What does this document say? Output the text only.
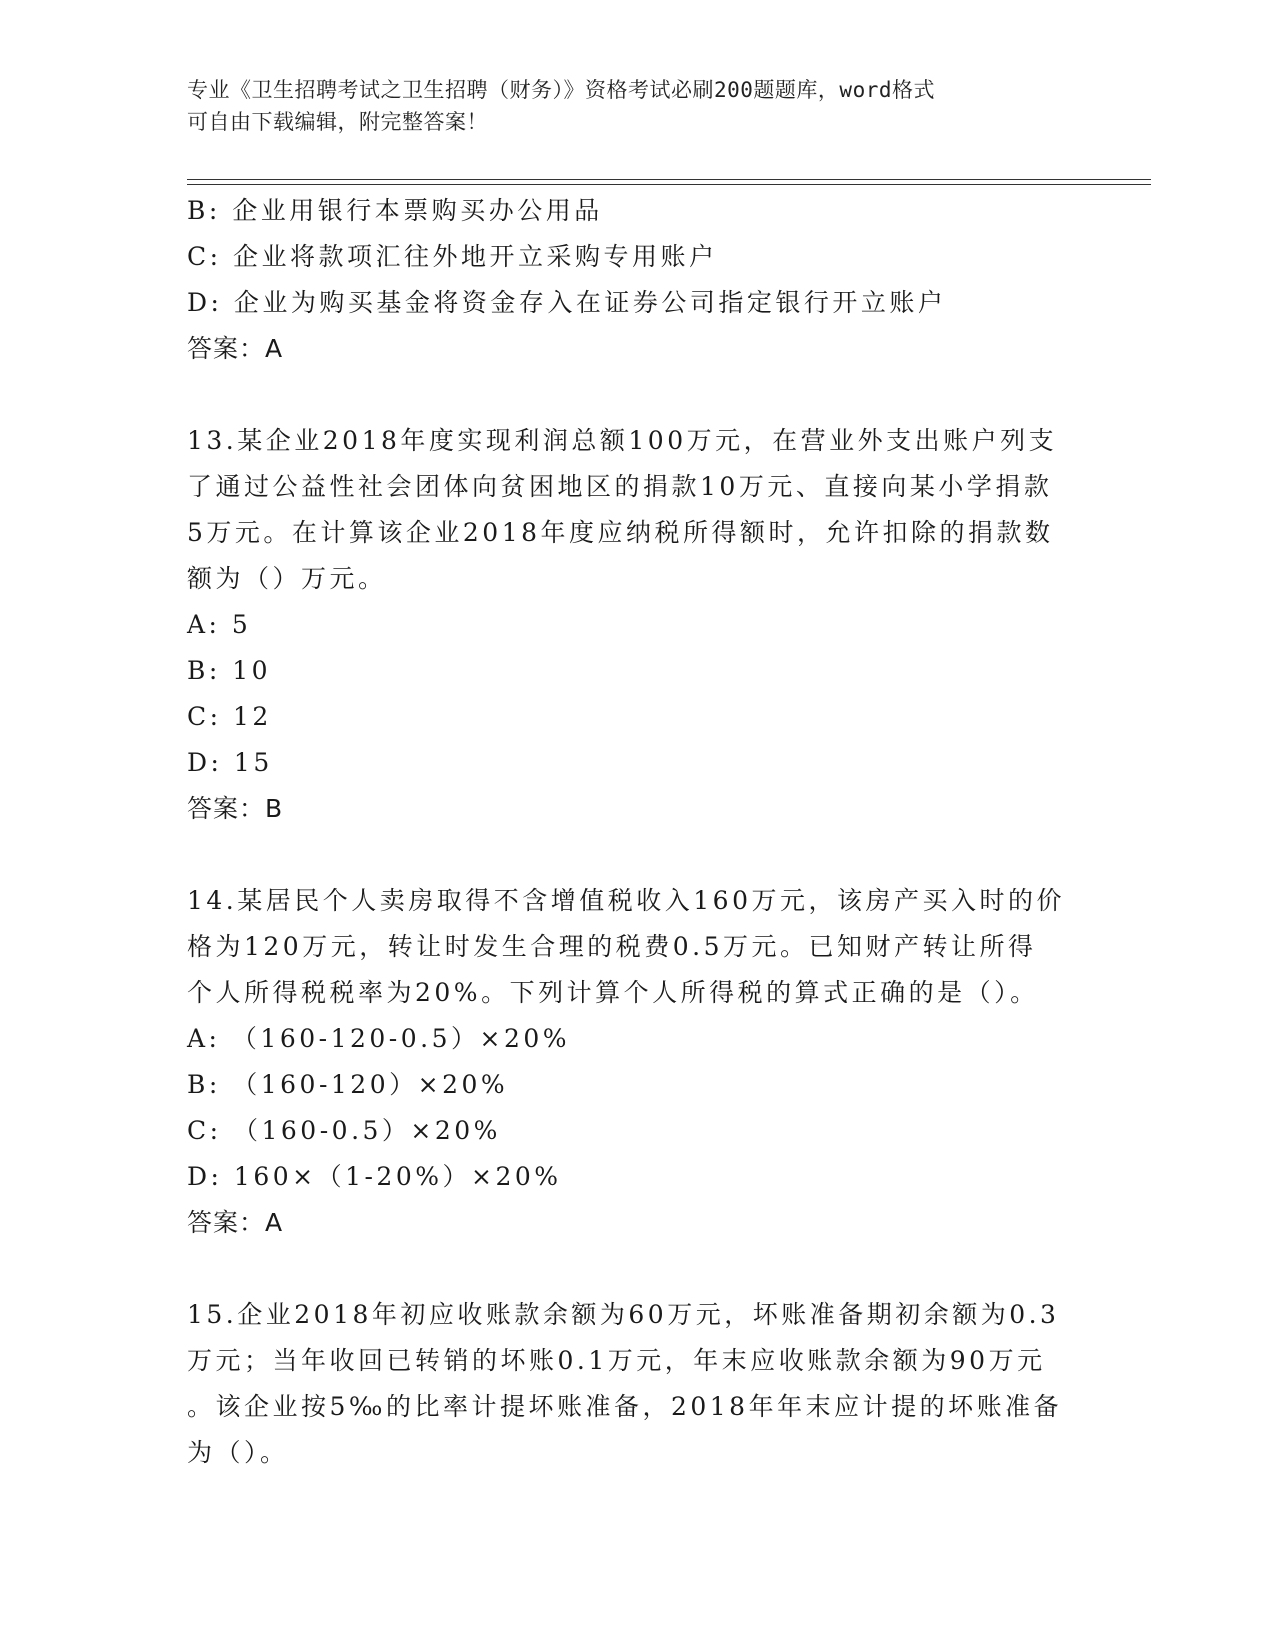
专业《卫生招聘考试之卫生招聘（财务）》资格考试必刷200题题库，word格式
可自由下载编辑，附完整答案！
B: 企业用银行本票购买办公用品
C: 企业将款项汇往外地开立采购专用账户
D: 企业为购买基金将资金存入在证券公司指定银行开立账户
答案：A
13.某企业2018年度实现利润总额100万元，在营业外支出账户列支
了通过公益性社会团体向贫困地区的捐款10万元、直接向某小学捐款
5万元。在计算该企业2018年度应纳税所得额时，允许扣除的捐款数
额为（）万元。
A: 5
B: 10
C: 12
D: 15
答案：B
14.某居民个人卖房取得不含增值税收入160万元，该房产买入时的价
格为120万元，转让时发生合理的税费0.5万元。已知财产转让所得
个人所得税税率为20%。下列计算个人所得税的算式正确的是（）。
A: （160-120-0.5）×20%
B: （160-120）×20%
C: （160-0.5）×20%
D: 160×（1-20%）×20%
答案：A
15.企业2018年初应收账款余额为60万元，坏账准备期初余额为0.3
万元；当年收回已转销的坏账0.1万元，年末应收账款余额为90万元
。该企业按5‰的比率计提坏账准备，2018年年末应计提的坏账准备
为（）。
